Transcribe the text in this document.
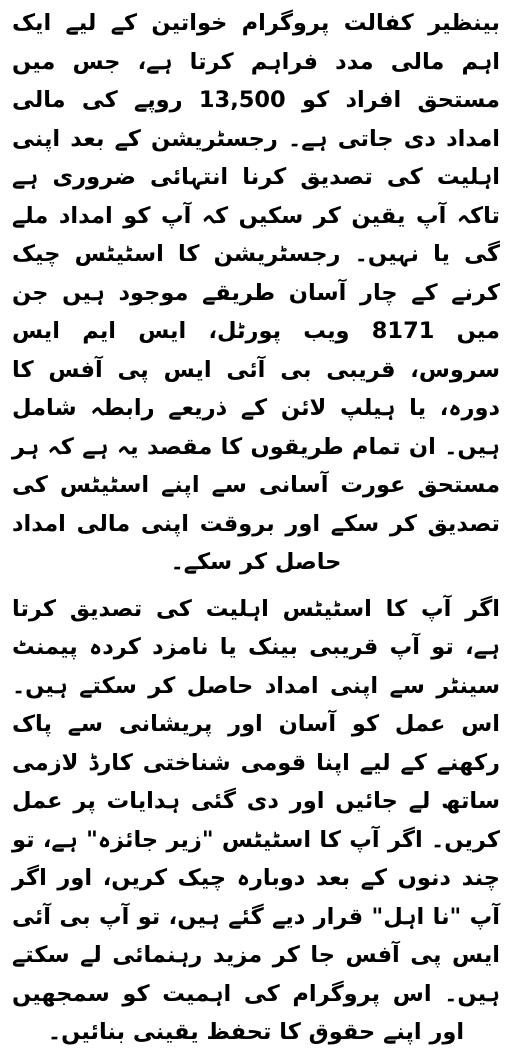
بینظیر کفالت پروگرام خواتین کے لیے ایک اہم مالی مدد فراہم کرتا ہے، جس میں مستحق افراد کو 13,500 روپے کی مالی امداد دی جاتی ہے۔ رجسٹریشن کے بعد اپنی اہلیت کی تصدیق کرنا انتہائی ضروری ہے تاکہ آپ یقین کر سکیں کہ آپ کو امداد ملے گی یا نہیں۔ رجسٹریشن کا اسٹیٹس چیک کرنے کے چار آسان طریقے موجود ہیں جن میں 8171 ویب پورٹل، ایس ایم ایس سروس، قریبی بی آئی ایس پی آفس کا دورہ، یا ہیلپ لائن کے ذریعے رابطہ شامل ہیں۔ ان تمام طریقوں کا مقصد یہ ہے کہ ہر مستحق عورت آسانی سے اپنے اسٹیٹس کی تصدیق کر سکے اور بروقت اپنی مالی امداد حاصل کر سکے۔

اگر آپ کا اسٹیٹس اہلیت کی تصدیق کرتا ہے، تو آپ قریبی بینک یا نامزد کردہ پیمنٹ سینٹر سے اپنی امداد حاصل کر سکتے ہیں۔ اس عمل کو آسان اور پریشانی سے پاک رکھنے کے لیے اپنا قومی شناختی کارڈ لازمی ساتھ لے جائیں اور دی گئی ہدایات پر عمل کریں۔ اگر آپ کا اسٹیٹس "زیر جائزہ" ہے، تو چند دنوں کے بعد دوبارہ چیک کریں، اور اگر آپ "نا اہل" قرار دیے گئے ہیں، تو آپ بی آئی ایس پی آفس جا کر مزید رہنمائی لے سکتے ہیں۔ اس پروگرام کی اہمیت کو سمجھیں اور اپنے حقوق کا تحفظ یقینی بنائیں۔
